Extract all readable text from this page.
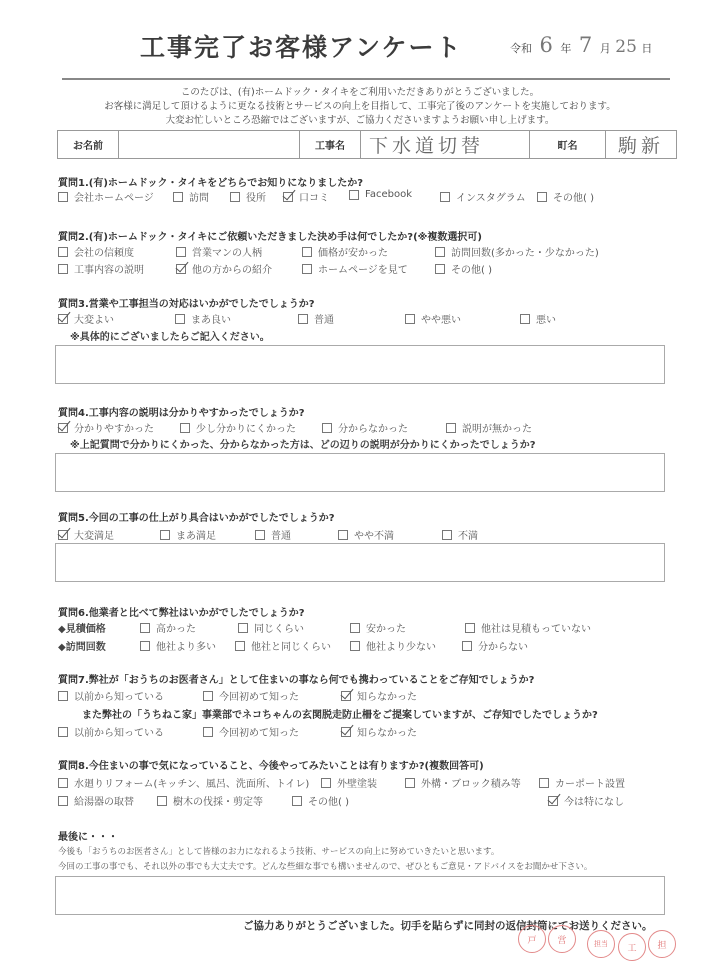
工事完了お客様アンケート	令和 6 年 7 月 25 日
このたびは、(有)ホームドック・タイキをご利用いただきありがとうございました。
お客様に満足して頂けるように更なる技術とサービスの向上を目指して、工事完了後のアンケートを実施しております。
大変お忙しいところ恐縮ではございますが、ご協力くださいますようお願い申し上げます。
お名前	工事名	下水道切替	町名	駒新
質問1.(有)ホームドック・タイキをどちらでお知りになりましたか?
会社ホームページ	訪問	役所	口コミ	Facebook	インスタグラム	その他( )
質問2.(有)ホームドック・タイキにご依頼いただきました決め手は何でしたか?(※複数選択可)
会社の信頼度	営業マンの人柄	価格が安かった	訪問回数(多かった・少なかった)
工事内容の説明	他の方からの紹介	ホームページを見て	その他( )
質問3.営業や工事担当の対応はいかがでしたでしょうか?
大変よい	まあ良い	普通	やや悪い	悪い
※具体的にございましたらご記入ください。
質問4.工事内容の説明は分かりやすかったでしょうか?
分かりやすかった	少し分かりにくかった	分からなかった	説明が無かった
※上記質問で分かりにくかった、分からなかった方は、どの辺りの説明が分かりにくかったでしょうか?
質問5.今回の工事の仕上がり具合はいかがでしたでしょうか?
大変満足	まあ満足	普通	やや不満	不満
質問6.他業者と比べて弊社はいかがでしたでしょうか?
◆見積価格	高かった	同じくらい	安かった	他社は見積もっていない
◆訪問回数	他社より多い	他社と同じくらい	他社より少ない	分からない
質問7.弊社が「おうちのお医者さん」として住まいの事なら何でも携わっていることをご存知でしょうか?
以前から知っている	今回初めて知った	知らなかった
また弊社の「うちねこ家」事業部でネコちゃんの玄関脱走防止柵をご提案していますが、ご存知でしたでしょうか?
以前から知っている	今回初めて知った	知らなかった
質問8.今住まいの事で気になっていること、今後やってみたいことは有りますか?(複数回答可)
水廻りリフォーム(キッチン、風呂、洗面所、トイレ)	外壁塗装	外構・ブロック積み等	カーポート設置
給湯器の取替	樹木の伐採・剪定等	その他( )	今は特になし
最後に・・・
今後も「おうちのお医者さん」として皆様のお力になれるよう技術、サービスの向上に努めていきたいと思います。
今回の工事の事でも、それ以外の事でも大丈夫です。どんな些細な事でも構いませんので、ぜひともご意見・アドバイスをお聞かせ下さい。
ご協力ありがとうございました。切手を貼らずに同封の返信封筒にてお送りください。
戸	営	担当	工	担
